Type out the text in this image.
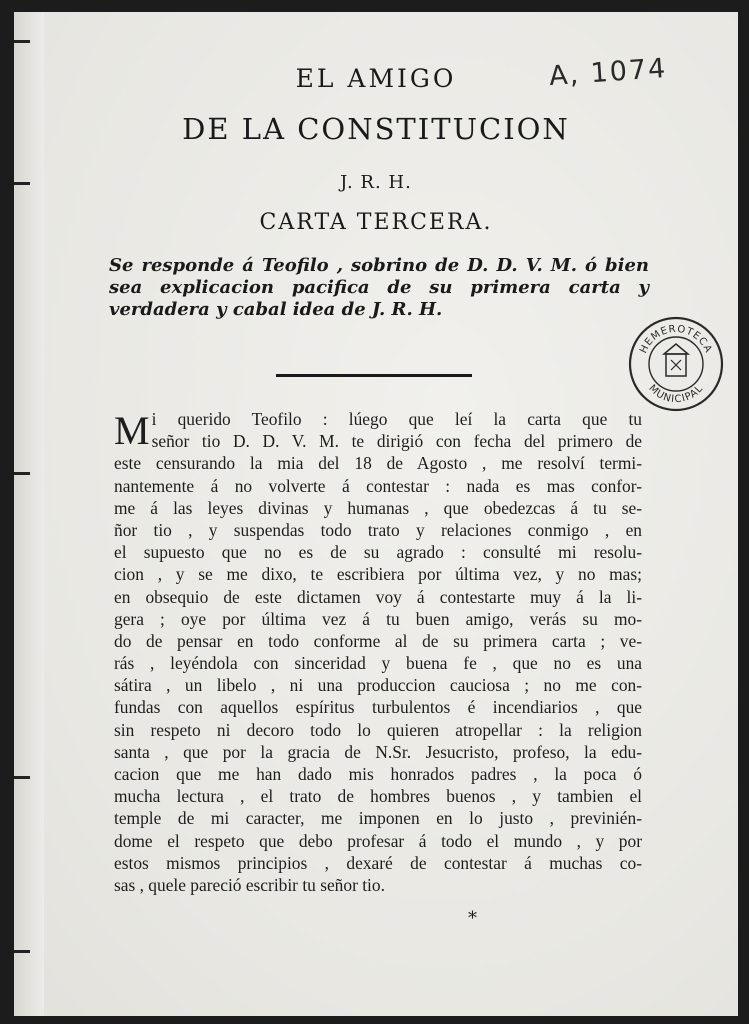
EL AMIGO
DE LA CONSTITUCION
J. R. H.
CARTA TERCERA.
A, 1074
Se responde á Teofilo , sobrino de D. D. V. M. ó bien
sea explicacion pacifica de su primera carta y
verdadera y cabal idea de J. R. H.
HEMEROTECA
MUNICIPAL
M i querido Teofilo : lúego que leí la carta que tu
señor tio D. D. V. M. te dirigió con fecha del primero de
este censurando la mia del 18 de Agosto , me resolví termi-
nantemente á no volverte á contestar : nada es mas confor-
me á las leyes divinas y humanas , que obedezcas á tu se-
ñor tio , y suspendas todo trato y relaciones conmigo , en
el supuesto que no es de su agrado : consulté mi resolu-
cion , y se me dixo, te escribiera por última vez, y no mas;
en obsequio de este dictamen voy á contestarte muy á la li-
gera ; oye por última vez á tu buen amigo, verás su mo-
do de pensar en todo conforme al de su primera carta ; ve-
rás , leyéndola con sinceridad y buena fe , que no es una
sátira , un libelo , ni una produccion cauciosa ; no me con-
fundas con aquellos espíritus turbulentos é incendiarios , que
sin respeto ni decoro todo lo quieren atropellar : la religion
santa , que por la gracia de N.Sr. Jesucristo, profeso, la edu-
cacion que me han dado mis honrados padres , la poca ó
mucha lectura , el trato de hombres buenos , y tambien el
temple de mi caracter, me imponen en lo justo , previnién-
dome el respeto que debo profesar á todo el mundo , y por
estos mismos principios , dexaré de contestar á muchas co-
sas , quele pareció escribir tu señor tio.
*
